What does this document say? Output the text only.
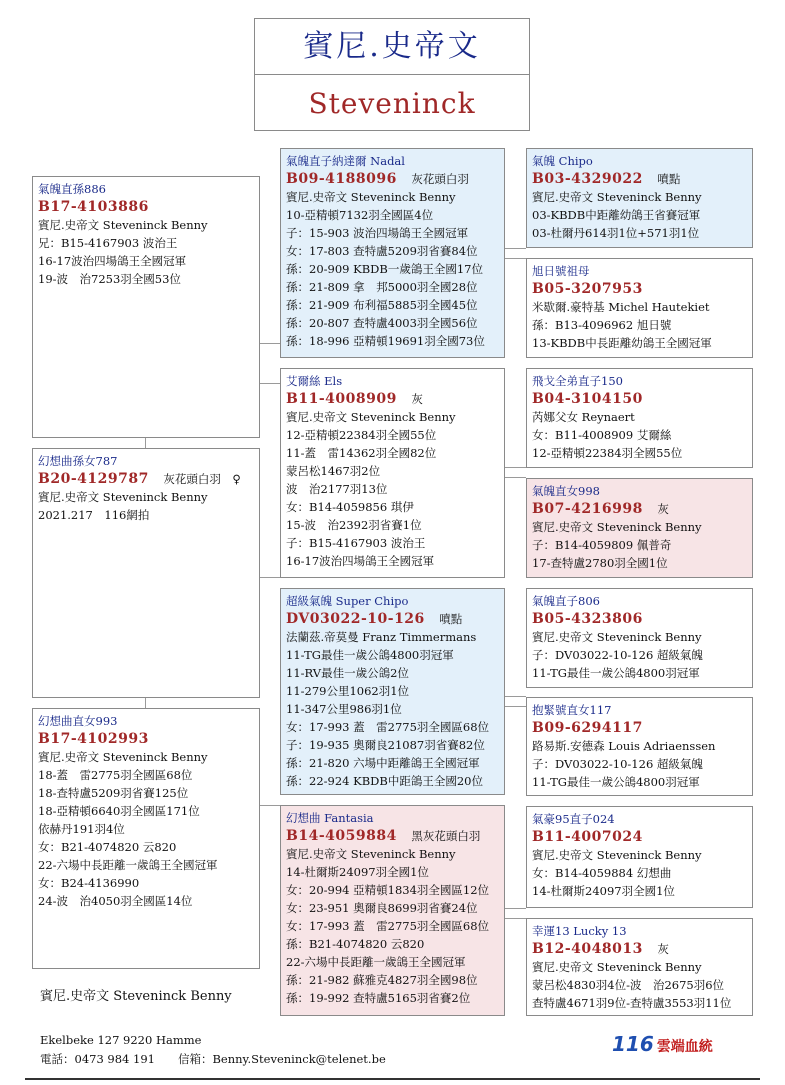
賓尼.史帝文
Steveninck
氣魄直孫886
B17-4103886
賓尼.史帝文 Steveninck Benny
兄：B15-4167903 波治王
16-17波治四場鴿王全國冠軍
19-波　治7253羽全國53位
幻想曲孫女787
B20-4129787　 灰花頭白羽　♀
賓尼.史帝文 Steveninck Benny
2021.217　116網拍
幻想曲直女993
B17-4102993
賓尼.史帝文 Steveninck Benny
18-蓋　雷2775羽全國區68位
18-查特盧5209羽省賽125位
18-亞精頓6640羽全國區171位
依赫丹191羽4位
女：B21-4074820 云820
22-六場中長距離一歲鴿王全國冠軍
女：B24-4136990
24-波　治4050羽全國區14位
氣魄直子納達爾 Nadal
B09-4188096　 灰花頭白羽
賓尼.史帝文 Steveninck Benny
10-亞精頓7132羽全國區4位
子：15-903 波治四場鴿王全國冠軍
女：17-803 查特盧5209羽省賽84位
孫：20-909 KBDB一歲鴿王全國17位
孫：21-809 拿　邦5000羽全國28位
孫：21-909 布利福5885羽全國45位
孫：20-807 查特盧4003羽全國56位
孫：18-996 亞精頓19691羽全國73位
艾爾絲 Els
B11-4008909　 灰
賓尼.史帝文 Steveninck Benny
12-亞精頓22384羽全國55位
11-蓋　雷14362羽全國82位
蒙呂松1467羽2位
波　治2177羽13位
女：B14-4059856 琪伊
15-波　治2392羽省賽1位
子：B15-4167903 波治王
16-17波治四場鴿王全國冠軍
超級氣魄 Super Chipo
DV03022-10-126　 噴點
法蘭茲.帝莫曼 Franz Timmermans
11-TG最佳一歲公鴿4800羽冠軍
11-RV最佳一歲公鴿2位
11-279公里1062羽1位
11-347公里986羽1位
女：17-993 蓋　雷2775羽全國區68位
子：19-935 奧爾良21087羽省賽82位
孫：21-820 六場中距離鴿王全國冠軍
孫：22-924 KBDB中距鴿王全國20位
幻想曲 Fantasia
B14-4059884　 黑灰花頭白羽
賓尼.史帝文 Steveninck Benny
14-杜爾斯24097羽全國1位
女：20-994 亞精頓1834羽全國區12位
女：23-951 奧爾良8699羽省賽24位
女：17-993 蓋　雷2775羽全國區68位
孫：B21-4074820 云820
22-六場中長距離一歲鴿王全國冠軍
孫：21-982 蘇雅克4827羽全國98位
孫：19-992 查特盧5165羽省賽2位
氣魄 Chipo
B03-4329022　 噴點
賓尼.史帝文 Steveninck Benny
03-KBDB中距離幼鴿王省賽冠軍
03-杜爾丹614羽1位+571羽1位
旭日號祖母
B05-3207953
米歇爾.豪特基 Michel Hautekiet
孫：B13-4096962 旭日號
13-KBDB中長距離幼鴿王全國冠軍
飛戈全弟直子150
B04-3104150
芮娜父女 Reynaert
女：B11-4008909 艾爾絲
12-亞精頓22384羽全國55位
氣魄直女998
B07-4216998　 灰
賓尼.史帝文 Steveninck Benny
子：B14-4059809 佩普奇
17-查特盧2780羽全國1位
氣魄直子806
B05-4323806
賓尼.史帝文 Steveninck Benny
子：DV03022-10-126 超級氣魄
11-TG最佳一歲公鴿4800羽冠軍
抱緊號直女117
B09-6294117
路易斯.安德森 Louis Adriaenssen
子：DV03022-10-126 超級氣魄
11-TG最佳一歲公鴿4800羽冠軍
氣豪95直子024
B11-4007024
賓尼.史帝文 Steveninck Benny
女：B14-4059884 幻想曲
14-杜爾斯24097羽全國1位
幸運13 Lucky 13
B12-4048013　 灰
賓尼.史帝文 Steveninck Benny
蒙呂松4830羽4位-波　治2675羽6位
查特盧4671羽9位-查特盧3553羽11位
賓尼.史帝文 Steveninck Benny
Ekelbeke 127 9220 Hamme
電話：0473 984 191　　信箱：Benny.Steveninck@telenet.be
116 雲端血統
